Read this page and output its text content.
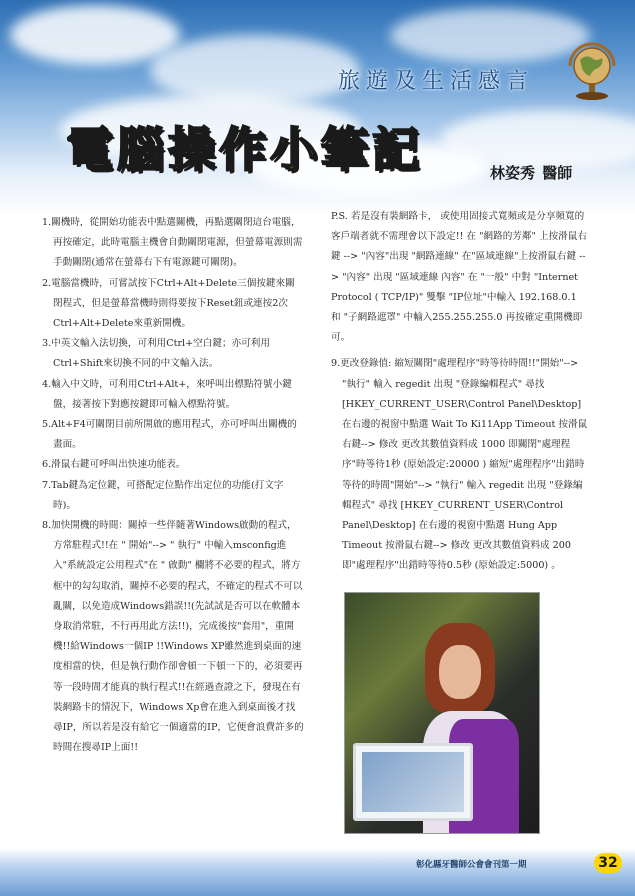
旅遊及生活感言
電腦操作小筆記	林姿秀 醫師

1.關機時，從開始功能表中點選關機，再點選關閉這台電腦，再按確定，此時電腦主機會自動關閉電源，但螢幕電源則需手動關閉(通常在螢幕右下有電源鍵可關閉)。

2.電腦當機時，可嘗試按下Ctrl+Alt+Delete三個按鍵來關閉程式，但是螢幕當機時則得要按下Reset鈕或連按2次Ctrl+Alt+Delete來重新開機。

3.中英文輸入法切換，可利用Ctrl+空白鍵；亦可利用Ctrl+Shift來切換不同的中文輸入法。

4.輸入中文時，可利用Ctrl+Alt+，來呼叫出標點符號小鍵盤，接著按下對應按鍵即可輸入標點符號。

5.Alt+F4可關閉目前所開啟的應用程式，亦可呼叫出關機的畫面。

6.滑鼠右鍵可呼叫出快速功能表。

7.Tab鍵為定位鍵，可搭配定位點作出定位的功能(打文字時)。

8.加快開機的時間：關掉一些伴隨著Windows啟動的程式，方常駐程式!!在 " 開始"--> " 執行" 中輸入msconfig進入"系統設定公用程式"在 " 啟動" 欄將不必要的程式，將方框中的勾勾取消，關掉不必要的程式，不確定的程式不可以亂關，以免造成Windows錯誤!!(先試試是否可以在軟體本身取消常駐，不行再用此方法!!)，完成後按"套用"，重開機!!給Windows一個IP !!Windows XP雖然進到桌面的速度相當的快，但是執行動作卻會頓一下頓一下的，必須要再等一段時間才能真的執行程式!!在經過查證之下，發現在有裝網路卡的情況下，Windows Xp會在進入到桌面後才找尋IP，所以若是沒有給它一個適當的IP，它便會浪費許多的時間在搜尋IP上面!!

P.S. 若是沒有裝網路卡， 或使用固接式寬頻或是分享頻寬的客戶端者就不需理會以下設定!! 在 "網路的芳鄰" 上按滑鼠右鍵 --> "內容"出現 "網路連線" 在"區域連線"上按滑鼠右鍵 --> "內容" 出現 "區域連線 內容" 在 "一般" 中對 "Internet Protocol ( TCP/IP)" 雙擊 "IP位址"中輸入 192.168.0.1 和 "子網路遮罩" 中輸入255.255.255.0 再按確定重開機即可。

9.更改登錄值: 縮短關閉"處理程序"時等待時間!!"開始"--> "執行" 輸入 regedit 出現 "登錄編輯程式" 尋找 [HKEY_CURRENT_USER\Control Panel\Desktop] 在右邊的視窗中點選 Wait To Ki11App Timeout 按滑鼠右鍵--> 修改 更改其數值資料成 1000 即關閉"處理程序"時等待1秒 (原始設定:20000 ) 縮短"處理程序"出錯時等待的時間"開始"--> "執行" 輸入 regedit 出現 "登錄編輯程式" 尋找 [HKEY_CURRENT_USER\Control Panel\Desktop] 在右邊的視窗中點選 Hung App Timeout 按滑鼠右鍵--> 修改 更改其數值資料成 200 即"處理程序"出錯時等待0.5秒 (原始設定:5000) 。

彰化縣牙醫師公會會刊第一期	32
